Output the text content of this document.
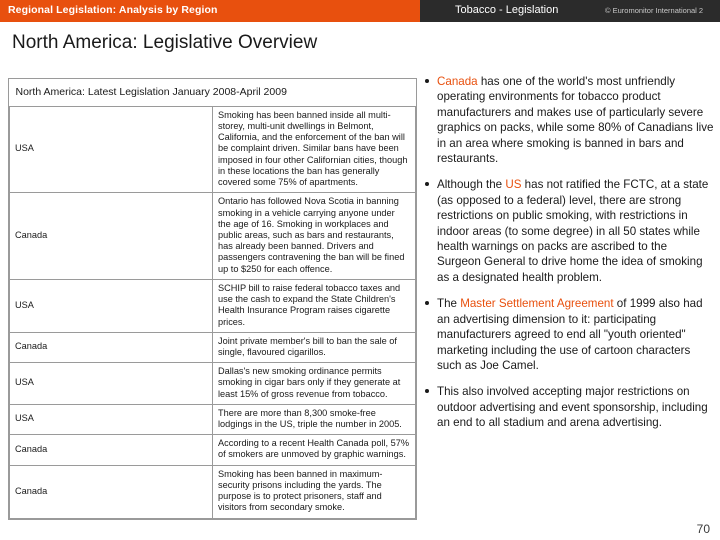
Regional Legislation: Analysis by Region	Tobacco - Legislation	© Euromonitor International 2
North America: Legislative Overview
North America: Latest Legislation January 2008-April 2009	
USA	Smoking has been banned inside all multi-storey, multi-unit dwellings in Belmont, California, and the enforcement of the ban will be complaint driven. Similar bans have been imposed in four other Californian cities, though in these locations the ban has generally covered some 75% of apartments.
Canada	Ontario has followed Nova Scotia in banning smoking in a vehicle carrying anyone under the age of 16. Smoking in workplaces and public areas, such as bars and restaurants, has already been banned. Drivers and passengers contravening the ban will be fined up to $250 for each offence.
USA	SCHIP bill to raise federal tobacco taxes and use the cash to expand the State Children's Health Insurance Program raises cigarette prices.
Canada	Joint private member's bill to ban the sale of single, flavoured cigarillos.
USA	Dallas's new smoking ordinance permits smoking in cigar bars only if they generate at least 15% of gross revenue from tobacco.
USA	There are more than 8,300 smoke-free lodgings in the US, triple the number in 2005.
Canada	According to a recent Health Canada poll, 57% of smokers are unmoved by graphic warnings.
Canada	Smoking has been banned in maximum-security prisons including the yards. The purpose is to protect prisoners, staff and visitors from secondary smoke.
Canada has one of the world's most unfriendly operating environments for tobacco product manufacturers and makes use of particularly severe graphics on packs, while some 80% of Canadians live in an area where smoking is banned in bars and restaurants.
Although the US has not ratified the FCTC, at a state (as opposed to a federal) level, there are strong restrictions on public smoking, with restrictions in indoor areas (to some degree) in all 50 states while health warnings on packs are ascribed to the Surgeon General to drive home the idea of smoking as a designated health problem.
The Master Settlement Agreement of 1999 also had an advertising dimension to it: participating manufacturers agreed to end all "youth oriented" marketing including the use of cartoon characters such as Joe Camel.
This also involved accepting major restrictions on outdoor advertising and event sponsorship, including an end to all stadium and arena advertising.
70
